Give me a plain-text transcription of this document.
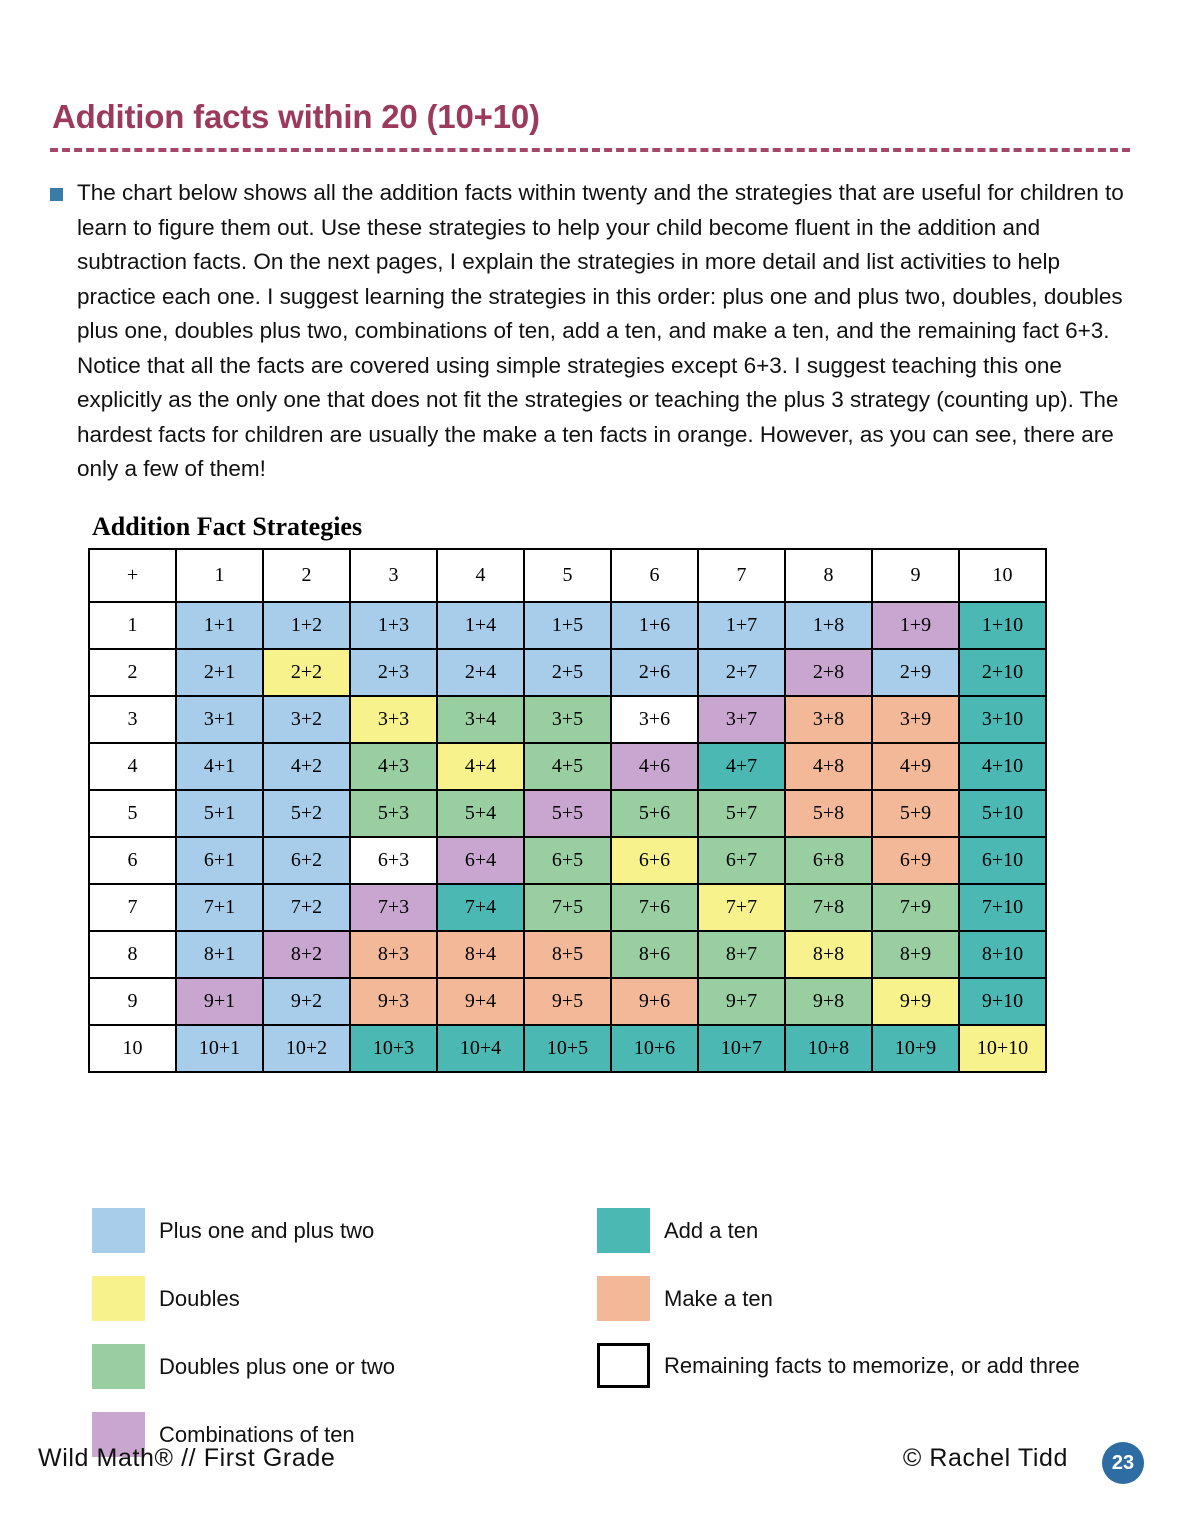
Addition facts within 20 (10+10)
The chart below shows all the addition facts within twenty and the strategies that are useful for children to learn to figure them out. Use these strategies to help your child become fluent in the addition and subtraction facts. On the next pages, I explain the strategies in more detail and list activities to help practice each one. I suggest learning the strategies in this order: plus one and plus two, doubles, doubles plus one, doubles plus two, combinations of ten, add a ten, and make a ten, and the remaining fact 6+3. Notice that all the facts are covered using simple strategies except 6+3. I suggest teaching this one explicitly as the only one that does not fit the strategies or teaching the plus 3 strategy (counting up). The hardest facts for children are usually the make a ten facts in orange. However, as you can see, there are only a few of them!
Addition Fact Strategies
+	1	2	3	4	5	6	7	8	9	10
1	1+1	1+2	1+3	1+4	1+5	1+6	1+7	1+8	1+9	1+10
2	2+1	2+2	2+3	2+4	2+5	2+6	2+7	2+8	2+9	2+10
3	3+1	3+2	3+3	3+4	3+5	3+6	3+7	3+8	3+9	3+10
4	4+1	4+2	4+3	4+4	4+5	4+6	4+7	4+8	4+9	4+10
5	5+1	5+2	5+3	5+4	5+5	5+6	5+7	5+8	5+9	5+10
6	6+1	6+2	6+3	6+4	6+5	6+6	6+7	6+8	6+9	6+10
7	7+1	7+2	7+3	7+4	7+5	7+6	7+7	7+8	7+9	7+10
8	8+1	8+2	8+3	8+4	8+5	8+6	8+7	8+8	8+9	8+10
9	9+1	9+2	9+3	9+4	9+5	9+6	9+7	9+8	9+9	9+10
10	10+1	10+2	10+3	10+4	10+5	10+6	10+7	10+8	10+9	10+10
Plus one and plus two
Doubles
Doubles plus one or two
Combinations of ten
Add a ten
Make a ten
Remaining facts to memorize, or add three
Wild Math® // First Grade	© Rachel Tidd	23
